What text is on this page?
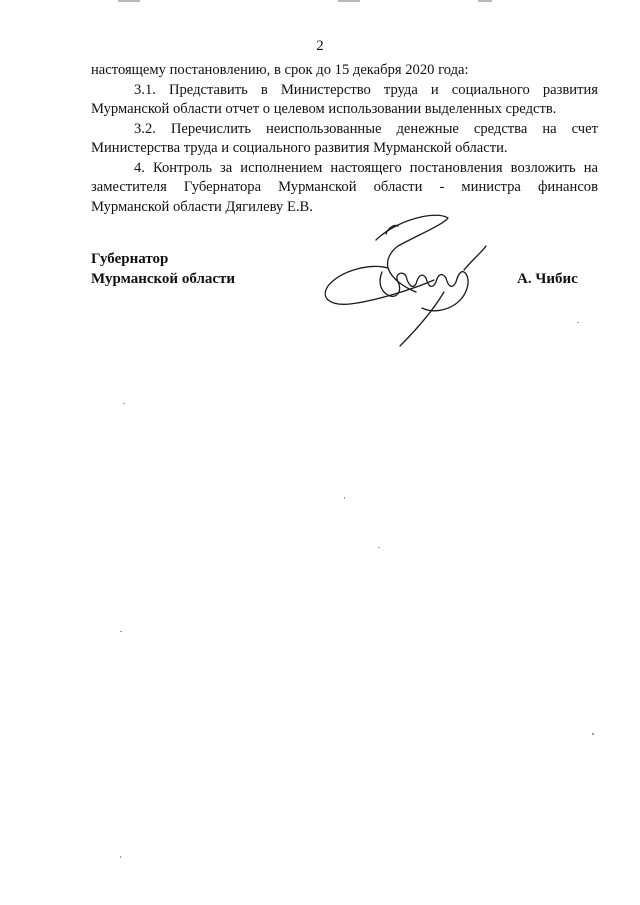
2

настоящему постановлению, в срок до 15 декабря 2020 года:

3.1. Представить в Министерство труда и социального развития Мурманской области отчет о целевом использовании выделенных средств.

3.2. Перечислить неиспользованные денежные средства на счет Министерства труда и социального развития Мурманской области.

4. Контроль за исполнением настоящего постановления возложить на заместителя Губернатора Мурманской области - министра финансов Мурманской области Дягилеву Е.В.

Губернатор
Мурманской области	А. Чибис
